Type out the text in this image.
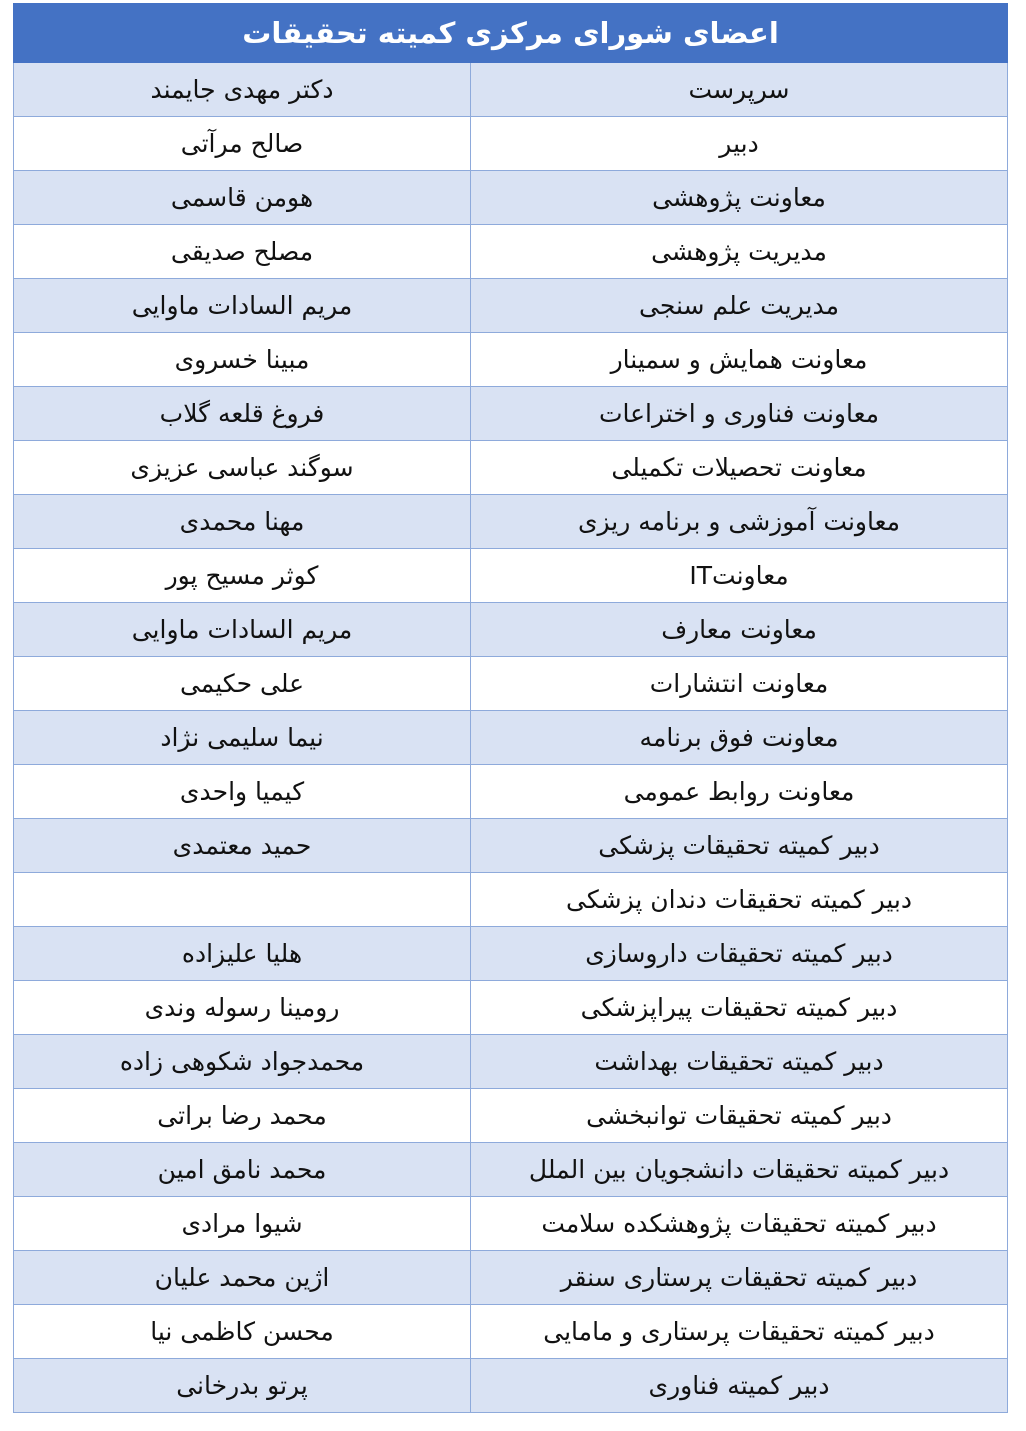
اعضای شورای مرکزی کمیته تحقیقات	
سرپرست	دکتر مهدی جایمند
دبیر	صالح مرآتی
معاونت پژوهشی	هومن قاسمی
مدیریت پژوهشی	مصلح صدیقی
مدیریت علم سنجی	مریم السادات ماوایی
معاونت همایش و سمینار	مبینا خسروی
معاونت فناوری و اختراعات	فروغ قلعه گلاب
معاونت تحصیلات تکمیلی	سوگند عباسی عزیزی
معاونت آموزشی و برنامه ریزی	مهنا محمدی
معاونتIT	کوثر مسیح پور
معاونت معارف	مریم السادات ماوایی
معاونت انتشارات	علی حکیمی
معاونت فوق برنامه	نیما سلیمی نژاد
معاونت روابط عمومی	کیمیا واحدی
دبیر کمیته تحقیقات پزشکی	حمید معتمدی
دبیر کمیته تحقیقات دندان پزشکی	
دبیر کمیته تحقیقات داروسازی	هلیا علیزاده
دبیر کمیته تحقیقات پیراپزشکی	رومینا رسوله وندی
دبیر کمیته تحقیقات بهداشت	محمدجواد شکوهی زاده
دبیر کمیته تحقیقات توانبخشی	محمد رضا براتی
دبیر کمیته تحقیقات دانشجویان بین الملل	محمد نامق امین
دبیر کمیته تحقیقات پژوهشکده سلامت	شیوا مرادی
دبیر کمیته تحقیقات پرستاری سنقر	اژین محمد علیان
دبیر کمیته تحقیقات پرستاری و مامایی	محسن کاظمی نیا
دبیر کمیته فناوری	پرتو بدرخانی
